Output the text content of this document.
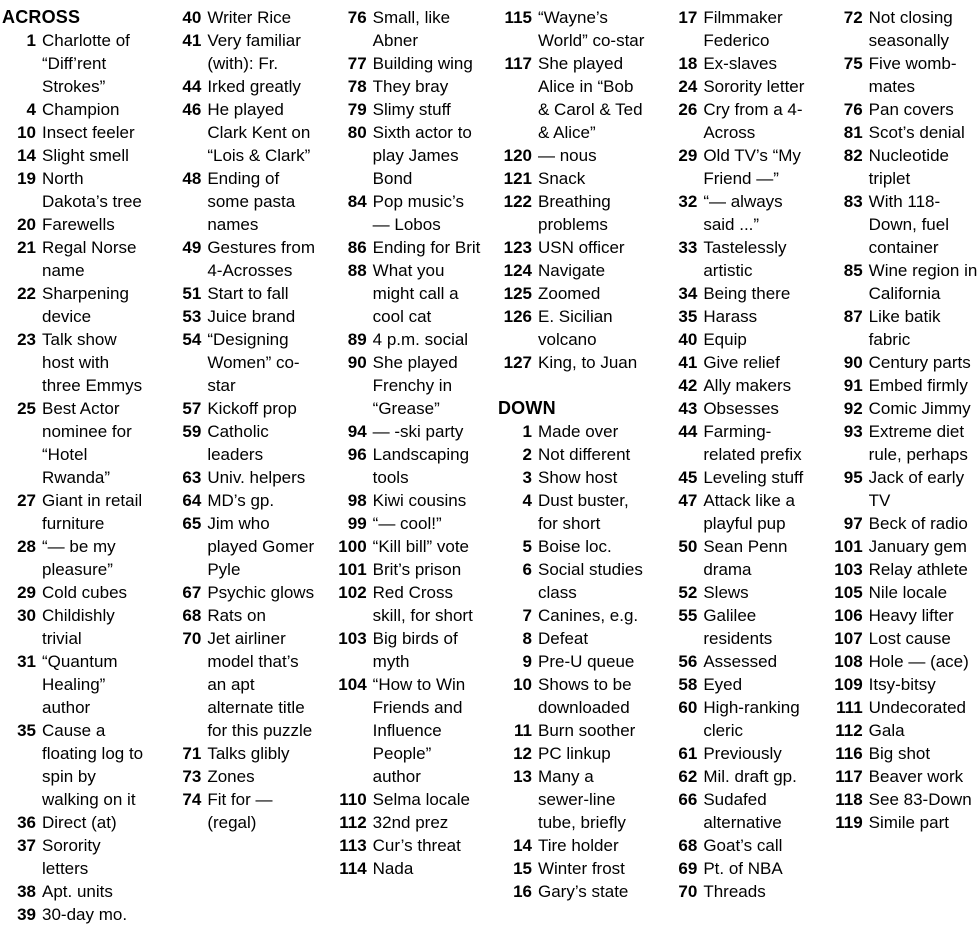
ACROSS
1 Charlotte of “Diff’rent Strokes”
4 Champion
10 Insect feeler
14 Slight smell
19 North Dakota’s tree
20 Farewells
21 Regal Norse name
22 Sharpening device
23 Talk show host with three Emmys
25 Best Actor nominee for “Hotel Rwanda”
27 Giant in retail furniture
28 “— be my pleasure”
29 Cold cubes
30 Childishly trivial
31 “Quantum Healing” author
35 Cause a floating log to spin by walking on it
36 Direct (at)
37 Sorority letters
38 Apt. units
39 30-day mo.
40 Writer Rice
41 Very familiar (with): Fr.
44 Irked greatly
46 He played Clark Kent on “Lois & Clark”
48 Ending of some pasta names
49 Gestures from 4-Acrosses
51 Start to fall
53 Juice brand
54 “Designing Women” co-star
57 Kickoff prop
59 Catholic leaders
63 Univ. helpers
64 MD’s gp.
65 Jim who played Gomer Pyle
67 Psychic glows
68 Rats on
70 Jet airliner model that’s an apt alternate title for this puzzle
71 Talks glibly
73 Zones
74 Fit for — (regal)
76 Small, like Abner
77 Building wing
78 They bray
79 Slimy stuff
80 Sixth actor to play James Bond
84 Pop music’s — Lobos
86 Ending for Brit
88 What you might call a cool cat
89 4 p.m. social
90 She played Frenchy in “Grease”
94 — -ski party
96 Landscaping tools
98 Kiwi cousins
99 “— cool!”
100 “Kill bill” vote
101 Brit’s prison
102 Red Cross skill, for short
103 Big birds of myth
104 “How to Win Friends and Influence People” author
110 Selma locale
112 32nd prez
113 Cur’s threat
114 Nada
115 “Wayne’s World” co-star
117 She played Alice in “Bob & Carol & Ted & Alice”
120 — nous
121 Snack
122 Breathing problems
123 USN officer
124 Navigate
125 Zoomed
126 E. Sicilian volcano
127 King, to Juan
DOWN
1 Made over
2 Not different
3 Show host
4 Dust buster, for short
5 Boise loc.
6 Social studies class
7 Canines, e.g.
8 Defeat
9 Pre-U queue
10 Shows to be downloaded
11 Burn soother
12 PC linkup
13 Many a sewer-line tube, briefly
14 Tire holder
15 Winter frost
16 Gary’s state
17 Filmmaker Federico
18 Ex-slaves
24 Sorority letter
26 Cry from a 4-Across
29 Old TV’s “My Friend —”
32 “— always said ...”
33 Tastelessly artistic
34 Being there
35 Harass
40 Equip
41 Give relief
42 Ally makers
43 Obsesses
44 Farming-related prefix
45 Leveling stuff
47 Attack like a playful pup
50 Sean Penn drama
52 Slews
55 Galilee residents
56 Assessed
58 Eyed
60 High-ranking cleric
61 Previously
62 Mil. draft gp.
66 Sudafed alternative
68 Goat’s call
69 Pt. of NBA
70 Threads
72 Not closing seasonally
75 Five womb-mates
76 Pan covers
81 Scot’s denial
82 Nucleotide triplet
83 With 118-Down, fuel container
85 Wine region in California
87 Like batik fabric
90 Century parts
91 Embed firmly
92 Comic Jimmy
93 Extreme diet rule, perhaps
95 Jack of early TV
97 Beck of radio
101 January gem
103 Relay athlete
105 Nile locale
106 Heavy lifter
107 Lost cause
108 Hole — (ace)
109 Itsy-bitsy
111 Undecorated
112 Gala
116 Big shot
117 Beaver work
118 See 83-Down
119 Simile part
